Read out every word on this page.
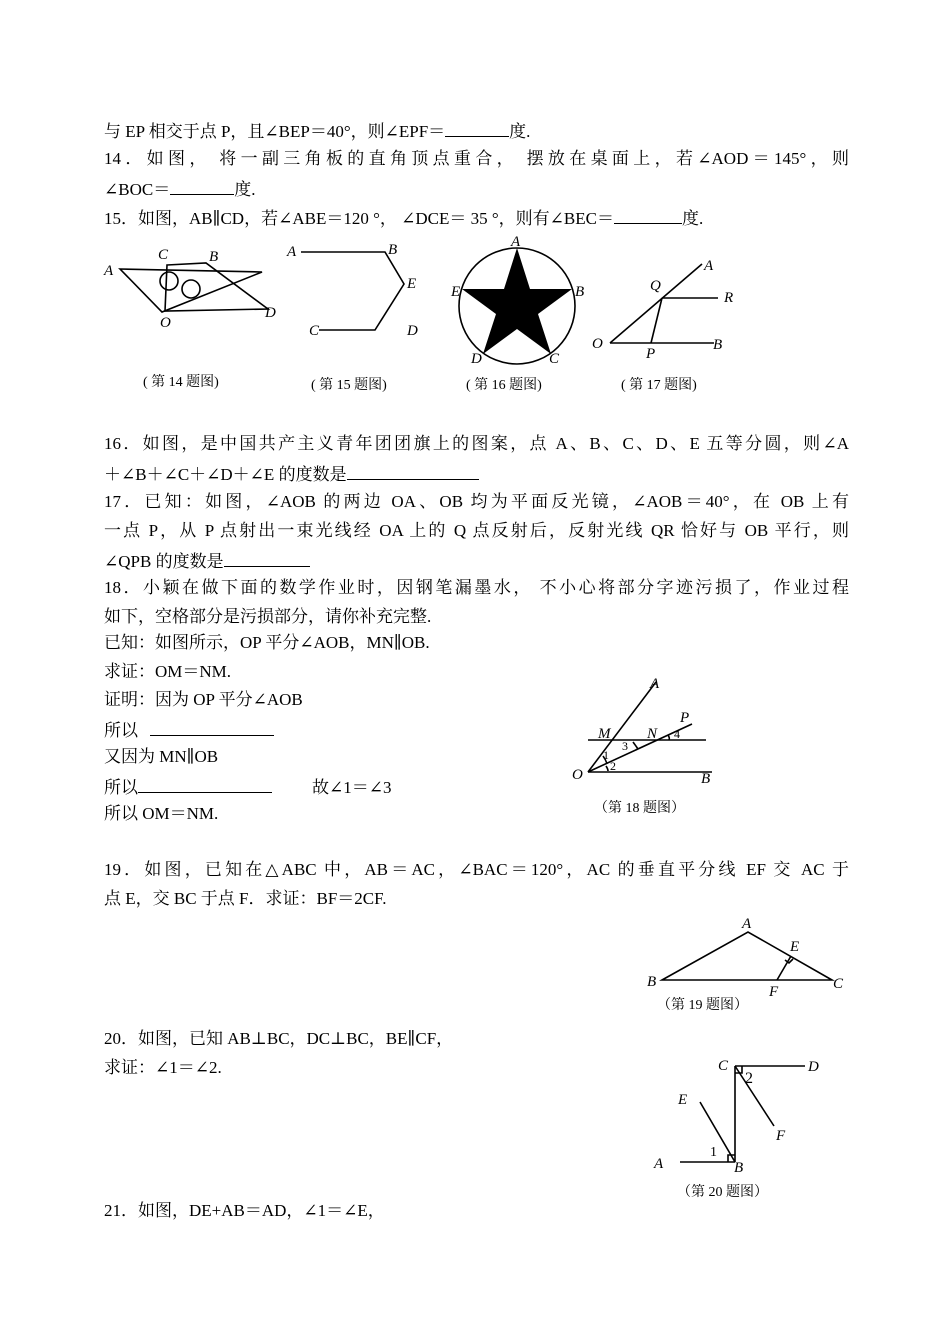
与 EP 相交于点 P，且∠BEP＝40°，则∠EPF＝	度.
14．如图， 将一副三角板的直角顶点重合， 摆放在桌面上，若∠AOD＝145°，则
∠BOC＝	度.
15．如图，AB∥CD，若∠ABE＝120 °， ∠DCE＝ 35 °，则有∠BEC＝	度.
A
C	B
O
D
( 第 14 题图)
A	B
E
C	D
( 第 15 题图)
A
E	B
D	C
( 第 16 题图)
Q
A
R
O
P
B
( 第 17 题图)
16．如图，是中国共产主义青年团团旗上的图案，点 A、B、C、D、E 五等分圆，则∠A
＋∠B＋∠C＋∠D＋∠E 的度数是
17．已知：如图，∠AOB 的两边 OA、OB 均为平面反光镜，∠AOB＝40°，在 OB 上有
一点 P，从 P 点射出一束光线经 OA 上的 Q 点反射后，反射光线 QR 恰好与 OB 平行，则
∠QPB 的度数是
18．小颖在做下面的数学作业时，因钢笔漏墨水， 不小心将部分字迹污损了，作业过程
如下，空格部分是污损部分，请你补充完整.
已知：如图所示，OP 平分∠AOB，MN∥OB.
求证：OM＝NM.
证明：因为 OP 平分∠AOB
所以
又因为 MN∥OB
所以	故∠1＝∠3
所以 OM＝NM.
A
M N
P
3
4
1
2
O	B
（第 18 题图）
19．如图，已知在△ABC 中，AB＝AC，∠BAC＝120°，AC 的垂直平分线 EF 交 AC 于
点 E，交 BC 于点 F．求证：BF＝2CF.
A
E
B
F	C
（第 19 题图）
20．如图，已知 AB⊥BC，DC⊥BC，BE∥CF，
求证：∠1＝∠2.	C	D
2
E
F
1
A	B
（第 20 题图）
21．如图，DE+AB＝AD，∠1＝∠E，
